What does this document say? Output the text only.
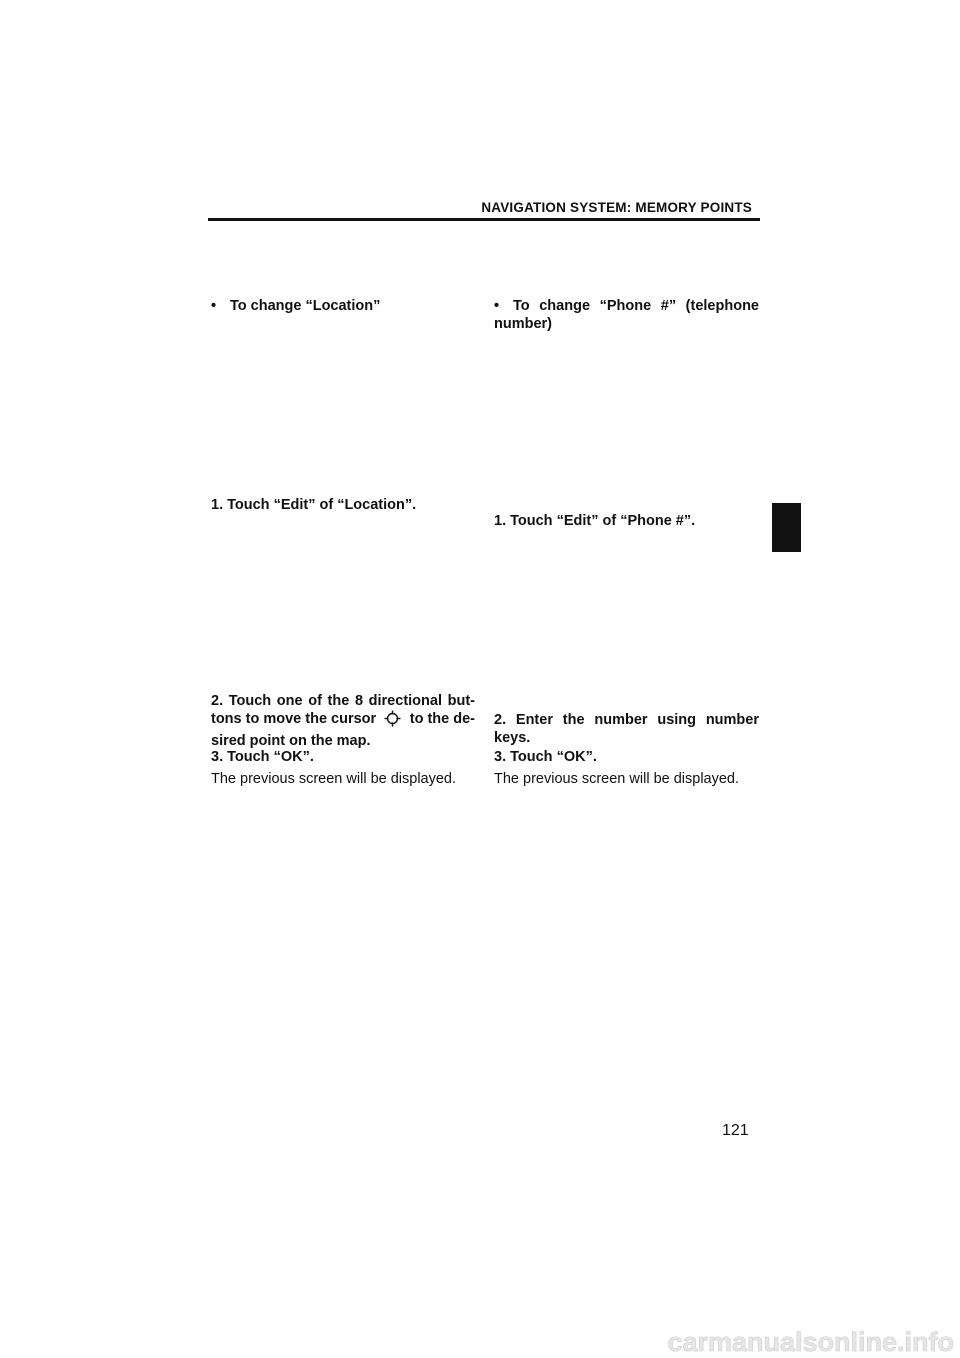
NAVIGATION SYSTEM: MEMORY POINTS
• To change “Location”
1. Touch “Edit” of “Location”.
2. Touch one of the 8 directional but-
tons to move the cursor to the de-
sired point on the map.
3. Touch “OK”.
The previous screen will be displayed.
• To change “Phone #” (telephone
number)
1. Touch “Edit” of “Phone #”.
2. Enter the number using number
keys.
3. Touch “OK”.
The previous screen will be displayed.
121
carmanualsonline.info
